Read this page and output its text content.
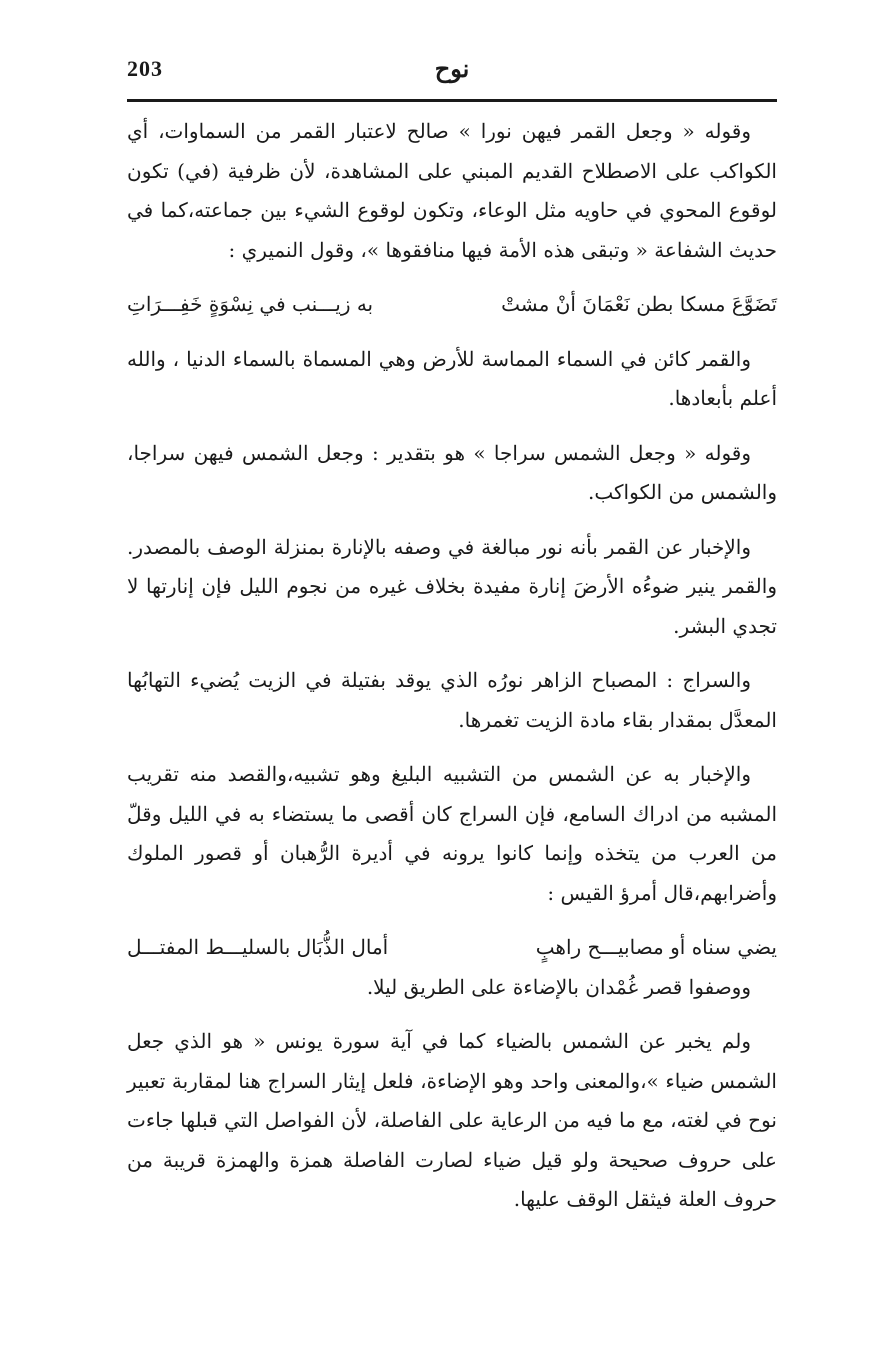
203	نوح

وقوله « وجعل القمر فيهن نورا » صالح لاعتبار القمر من السماوات، أي الكواكب على الاصطلاح القديم المبني على المشاهدة، لأن ظرفية (في) تكون لوقوع المحوي في حاويه مثل الوعاء، وتكون لوقوع الشيء بين جماعته،كما في حديث الشفاعة « وتبقى هذه الأمة فيها منافقوها »، وقول النميري :

تَضَوَّعَ مسكا بطن نَعْمَانَ أنْ مشتْ
به زيـــنب في نِسْوَةٍ خَفِـــرَاتِ

والقمر كائن في السماء المماسة للأرض وهي المسماة بالسماء الدنيا ، والله أعلم بأبعادها.

وقوله « وجعل الشمس سراجا » هو بتقدير : وجعل الشمس فيهن سراجا، والشمس من الكواكب.

والإخبار عن القمر بأنه نور مبالغة في وصفه بالإنارة بمنزلة الوصف بالمصدر. والقمر ينير ضوءُه الأرضَ إنارة مفيدة بخلاف غيره من نجوم الليل فإن إنارتها لا تجدي البشر.

والسراج : المصباح الزاهر نورُه الذي يوقد بفتيلة في الزيت يُضيء التهابُها المعدَّل بمقدار بقاء مادة الزيت تغمرها.

والإخبار به عن الشمس من التشبيه البليغ وهو تشبيه،والقصد منه تقريب المشبه من ادراك السامع، فإن السراج كان أقصى ما يستضاء به في الليل وقلّ من العرب من يتخذه وإنما كانوا يرونه في أديرة الرُّهبان أو قصور الملوك وأضرابهم،قال أمرؤ القيس :

يضي سناه أو مصابيـــح راهبٍ
أمال الذُّبَال بالسليـــط المفتـــل

ووصفوا قصر غُمْدان بالإضاءة على الطريق ليلا.

ولم يخبر عن الشمس بالضياء كما في آية سورة يونس « هو الذي جعل الشمس ضياء »،والمعنى واحد وهو الإضاءة، فلعل إيثار السراج هنا لمقاربة تعبير نوح في لغته، مع ما فيه من الرعاية على الفاصلة، لأن الفواصل التي قبلها جاءت على حروف صحيحة ولو قيل ضياء لصارت الفاصلة همزة والهمزة قريبة من حروف العلة فيثقل الوقف عليها.
